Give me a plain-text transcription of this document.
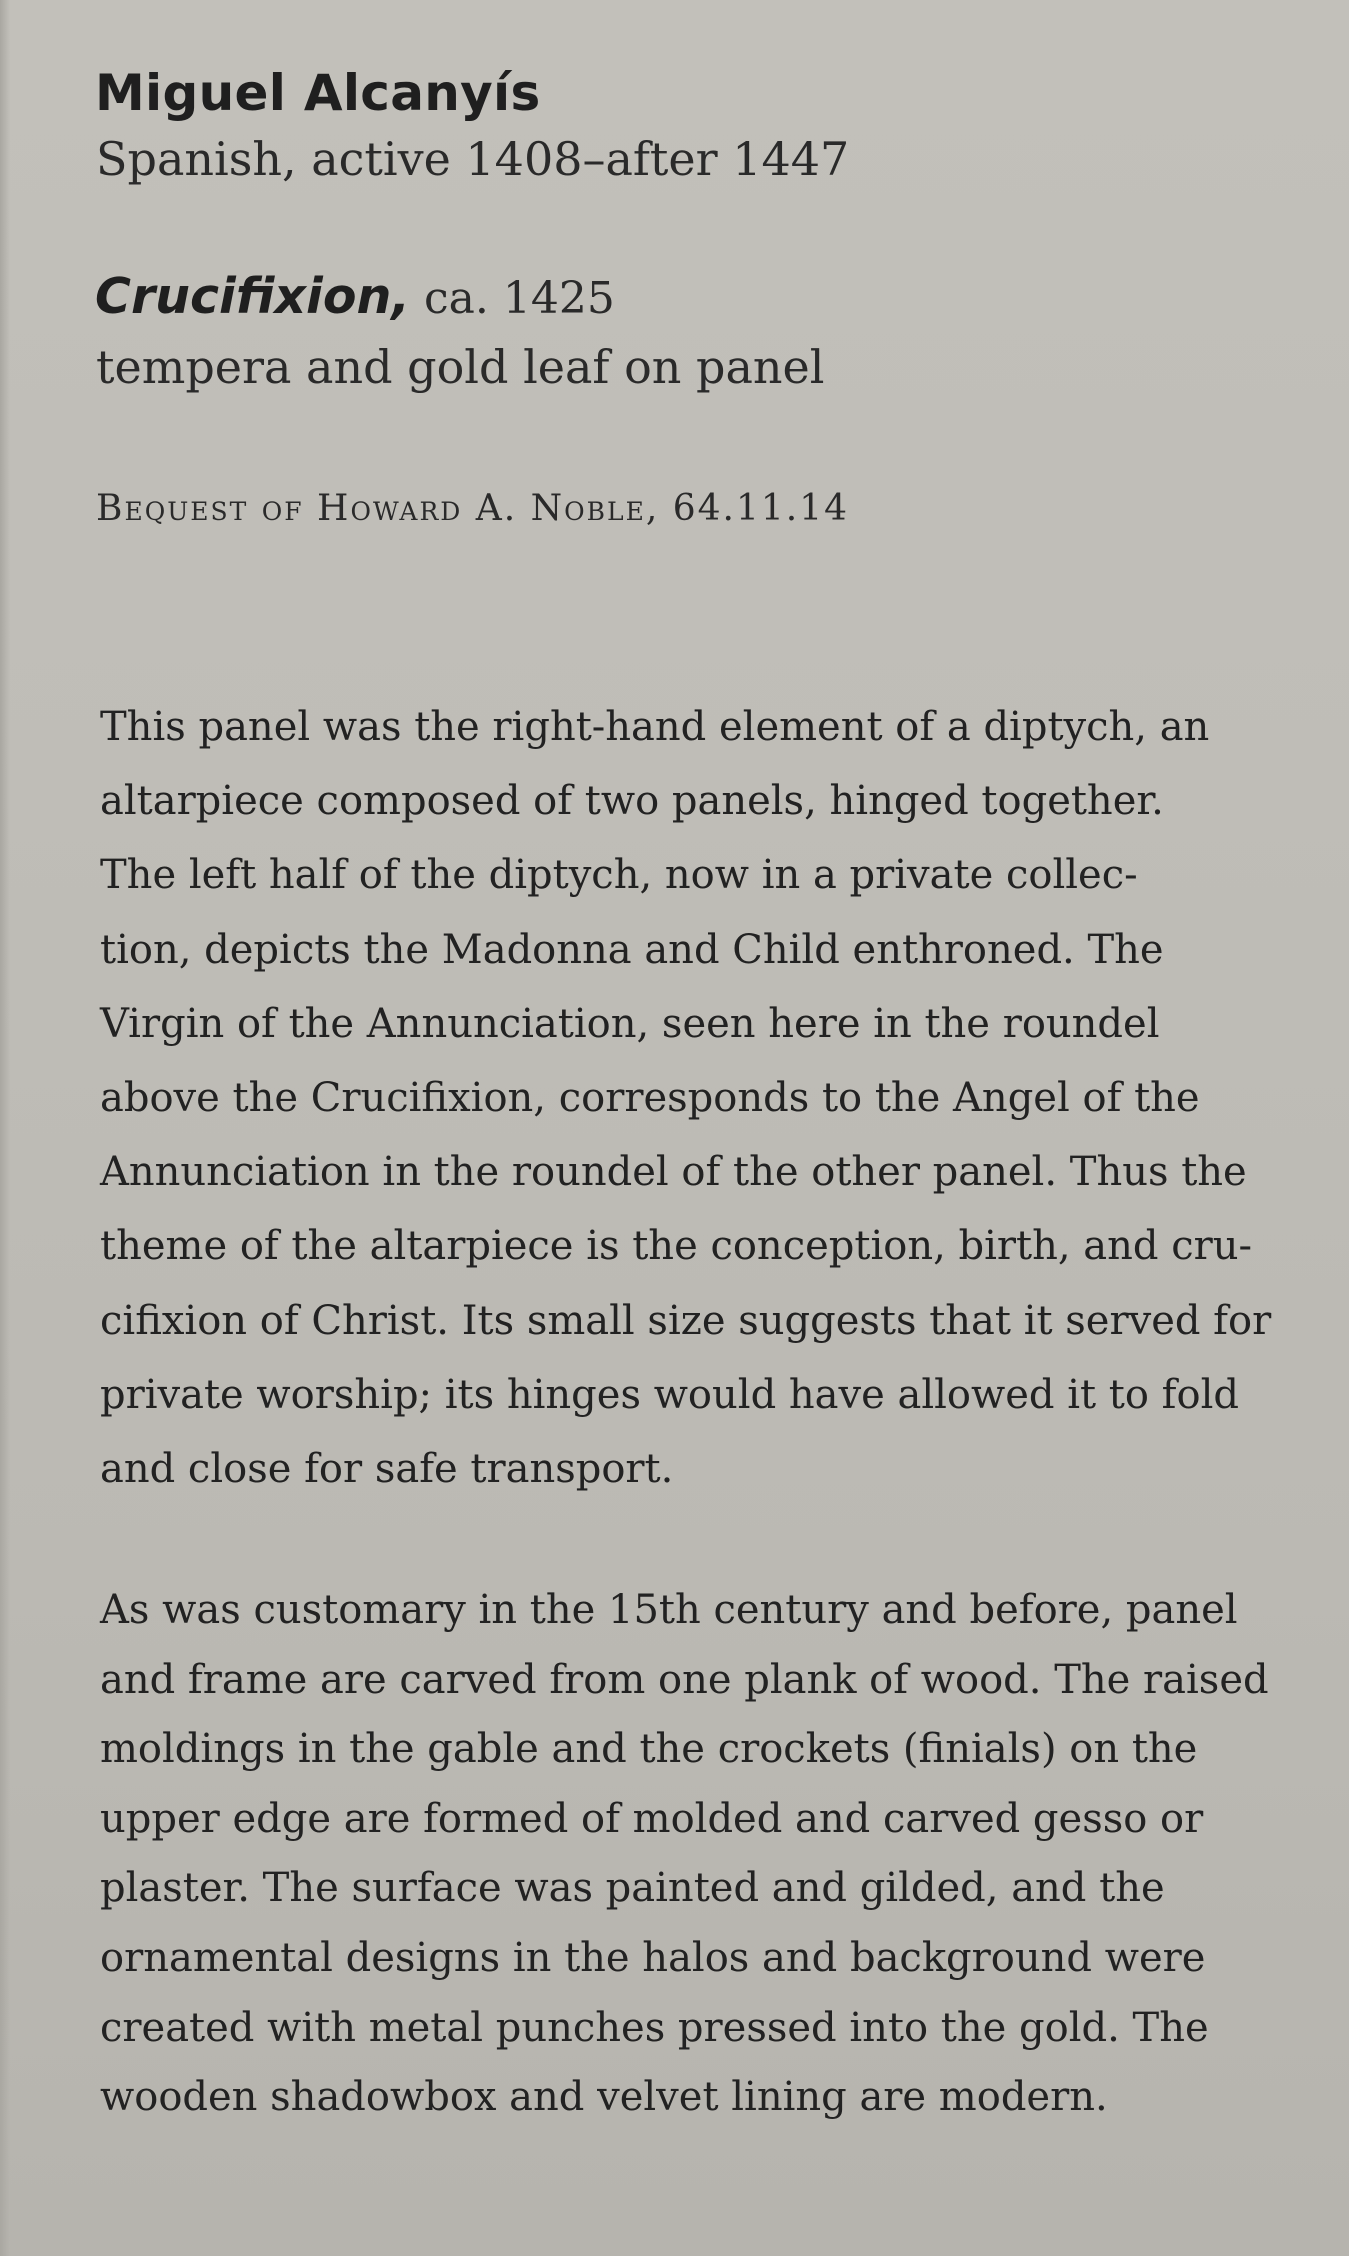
Miguel Alcanyís

Spanish, active 1408–after 1447

Crucifixion, ca. 1425

tempera and gold leaf on panel

Bequest of Howard A. Noble, 64.11.14

This panel was the right-hand element of a diptych, an
altarpiece composed of two panels, hinged together.
The left half of the diptych, now in a private collec-
tion, depicts the Madonna and Child enthroned. The
Virgin of the Annunciation, seen here in the roundel
above the Crucifixion, corresponds to the Angel of the
Annunciation in the roundel of the other panel. Thus the
theme of the altarpiece is the conception, birth, and cru-
cifixion of Christ. Its small size suggests that it served for
private worship; its hinges would have allowed it to fold
and close for safe transport.

As was customary in the 15th century and before, panel
and frame are carved from one plank of wood. The raised
moldings in the gable and the crockets (finials) on the
upper edge are formed of molded and carved gesso or
plaster. The surface was painted and gilded, and the
ornamental designs in the halos and background were
created with metal punches pressed into the gold. The
wooden shadowbox and velvet lining are modern.
